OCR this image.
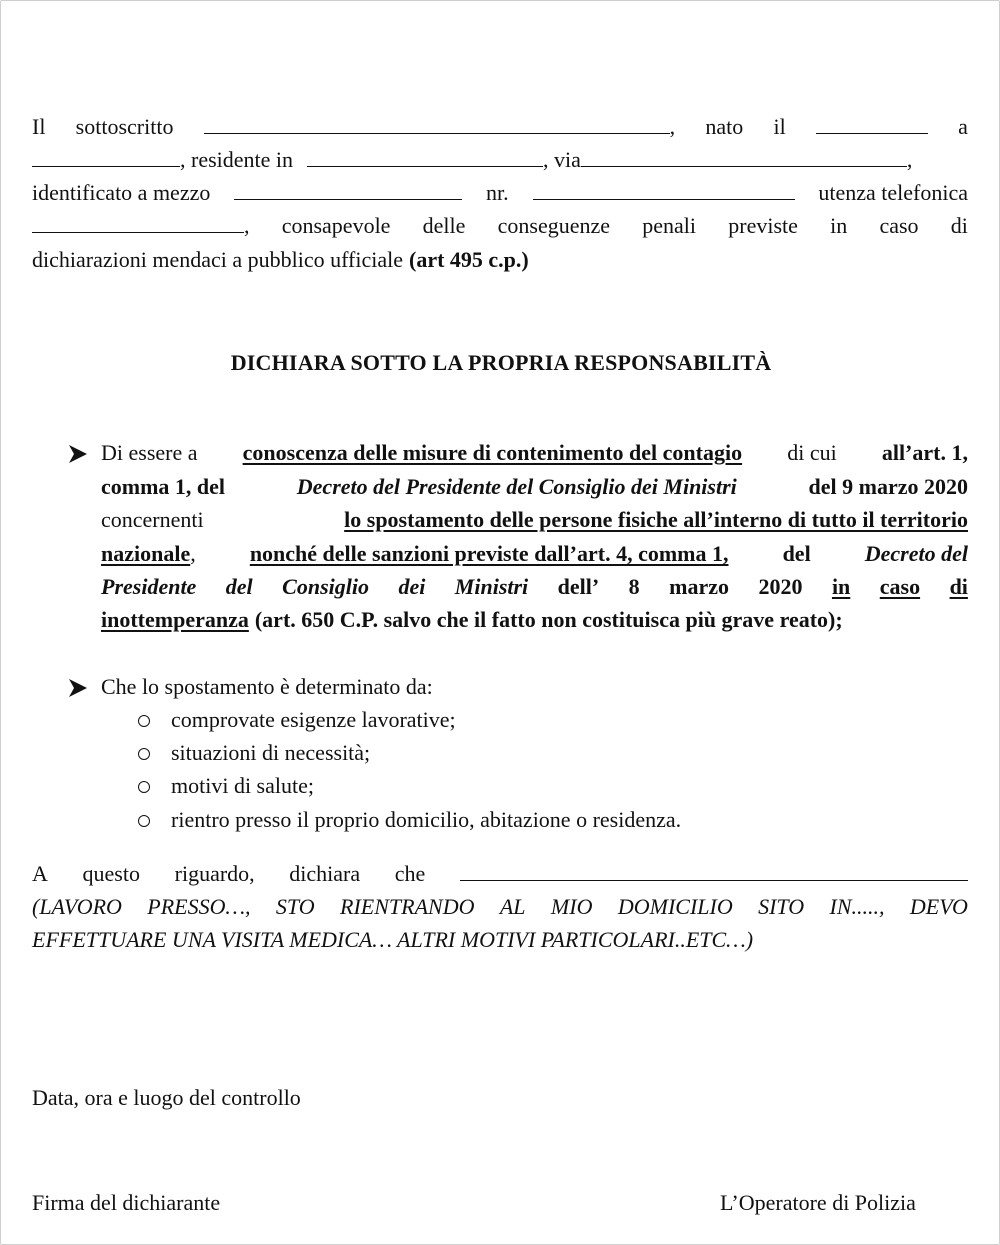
Il sottoscritto	, nato il	a
, residente in	, via	,
identificato a mezzo	nr.	utenza telefonica
, consapevole delle conseguenze penali previste in caso di
dichiarazioni mendaci a pubblico ufficiale (art 495 c.p.)
DICHIARA SOTTO LA PROPRIA RESPONSABILITÀ
Di essere a conoscenza delle misure di contenimento del contagio di cui all’art. 1,
comma 1, del	Decreto del Presidente del Consiglio dei Ministri	del 9 marzo 2020
concernenti	lo spostamento delle persone fisiche all’interno di tutto il territorio
nazionale, nonché delle sanzioni previste dall’art. 4, comma 1, del Decreto del
Presidente del Consiglio dei Ministri dell’ 8 marzo 2020 in caso di
inottemperanza (art. 650 C.P. salvo che il fatto non costituisca più grave reato);
Che lo spostamento è determinato da:
comprovate esigenze lavorative;
situazioni di necessità;
motivi di salute;
rientro presso il proprio domicilio, abitazione o residenza.
A questo riguardo, dichiara che
(LAVORO PRESSO…, STO RIENTRANDO AL MIO DOMICILIO SITO IN....., DEVO
EFFETTUARE UNA VISITA MEDICA… ALTRI MOTIVI PARTICOLARI..ETC…)
Data, ora e luogo del controllo
Firma del dichiarante	L’Operatore di Polizia
